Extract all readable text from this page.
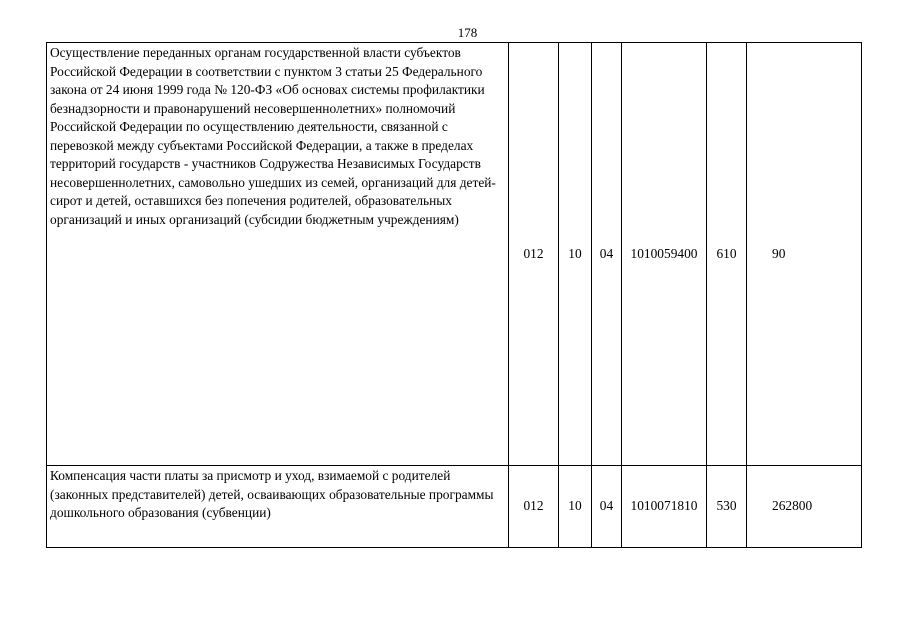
178
Осуществление переданных органам государственной власти субъектов Российской Федерации в соответствии с пунктом 3 статьи 25 Федерального закона от 24 июня 1999 года № 120-ФЗ «Об основах системы профилактики безнадзорности и правонарушений несовершеннолетних» полномочий Российской Федерации по осуществлению деятельности, связанной с перевозкой между субъектами Российской Федерации, а также в пределах территорий государств - участников Содружества Независимых Государств несовершеннолетних, самовольно ушедших из семей, организаций для детей-сирот и детей, оставшихся без попечения родителей, образовательных организаций и иных организаций (субсидии бюджетным учреждениям)	012	10	04	1010059400	610	90

Компенсация части платы за присмотр и уход, взимаемой с родителей (законных представителей) детей, осваивающих образовательные программы дошкольного образования (субвенции)	012	10	04	1010071810	530	262800
